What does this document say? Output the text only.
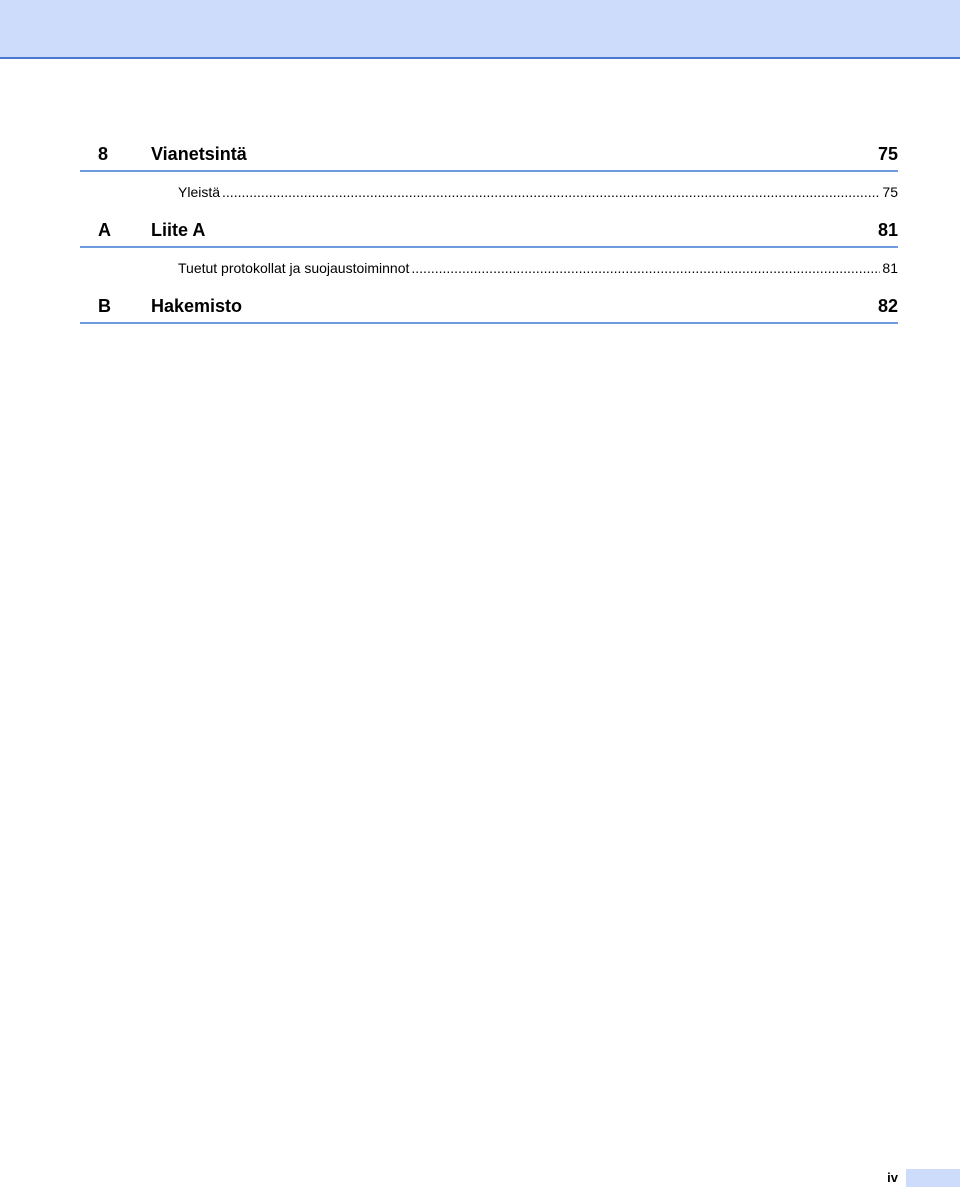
8	Vianetsintä	75
Yleistä .....	75
A	Liite A	81
Tuetut protokollat ja suojaustoiminnot .....	81
B	Hakemisto	82
iv
